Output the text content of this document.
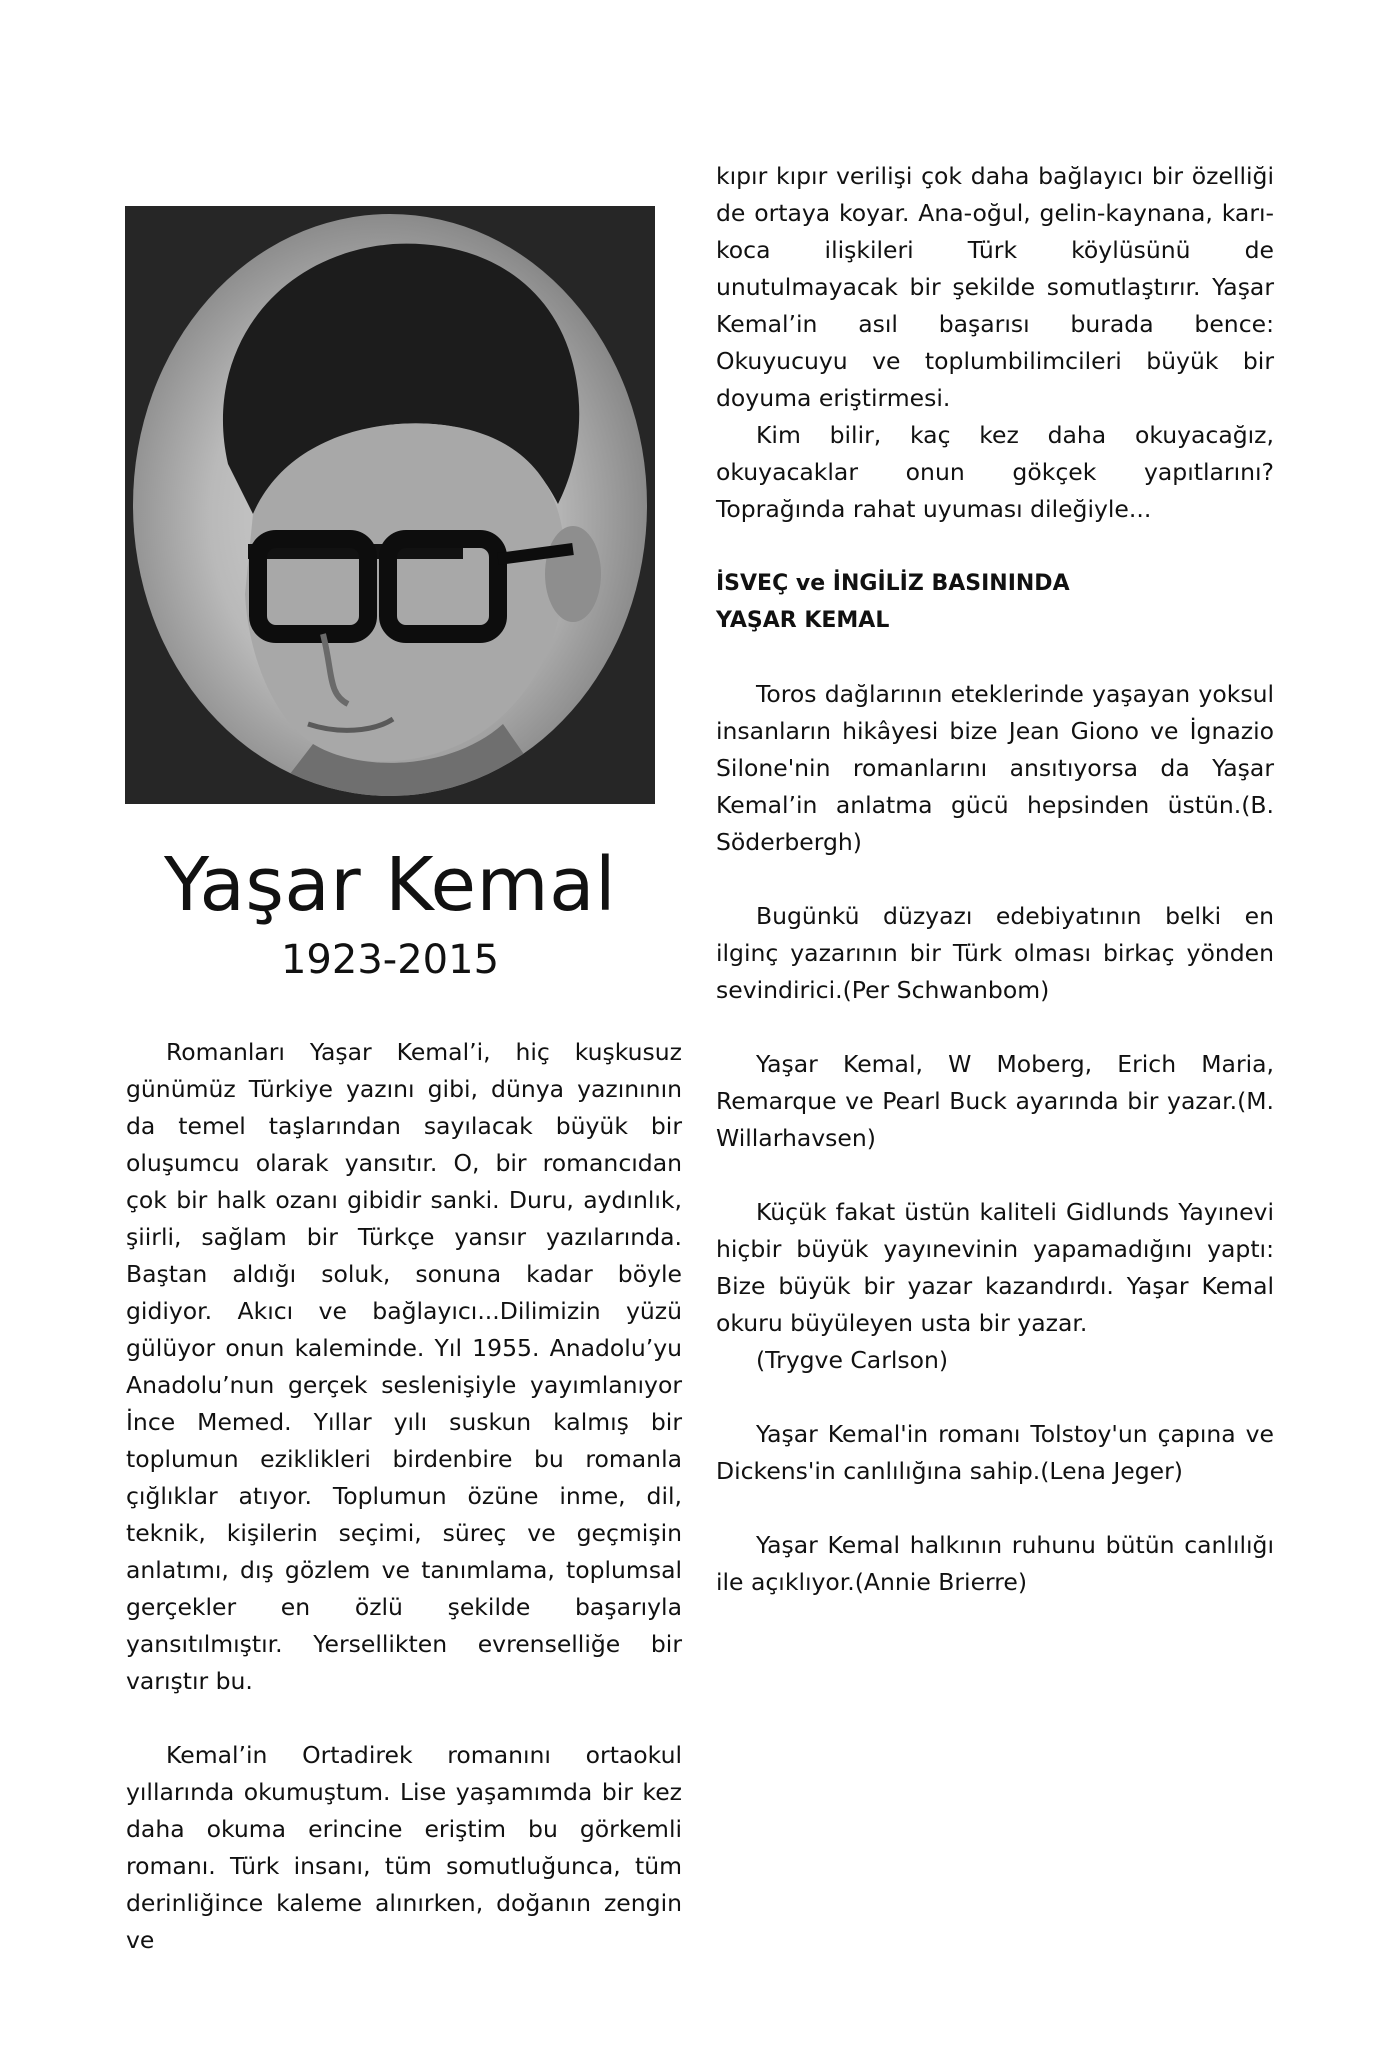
Yaşar Kemal
1923-2015

Romanları Yaşar Kemal’i, hiç kuşkusuz günümüz Türkiye yazını gibi, dünya yazınının da temel taşlarından sayılacak büyük bir oluşumcu olarak yansıtır. O, bir romancıdan çok bir halk ozanı gibidir sanki. Duru, aydınlık, şiirli, sağlam bir Türkçe yansır yazılarında. Baştan aldığı soluk, sonuna kadar böyle gidiyor. Akıcı ve bağlayıcı...Dilimizin yüzü gülüyor onun kaleminde. Yıl 1955. Anadolu’yu Anadolu’nun gerçek seslenişiyle yayımlanıyor İnce Memed. Yıllar yılı suskun kalmış bir toplumun eziklikleri birdenbire bu romanla çığlıklar atıyor. Toplumun özüne inme, dil, teknik, kişilerin seçimi, süreç ve geçmişin anlatımı, dış gözlem ve tanımlama, toplumsal gerçekler en özlü şekilde başarıyla yansıtılmıştır. Yersellikten evrenselliğe bir varıştır bu.

Kemal’in Ortadirek romanını ortaokul yıllarında okumuştum. Lise yaşamımda bir kez daha okuma erincine eriştim bu görkemli romanı. Türk insanı, tüm somutluğunca, tüm derinliğince kaleme alınırken, doğanın zengin ve

kıpır kıpır verilişi çok daha bağlayıcı bir özelliği de ortaya koyar. Ana-oğul, gelin-kaynana, karı-koca ilişkileri Türk köylüsünü de unutulmayacak bir şekilde somutlaştırır. Yaşar Kemal’in asıl başarısı burada bence: Okuyucuyu ve toplumbilimcileri büyük bir doyuma eriştirmesi.

Kim bilir, kaç kez daha okuyacağız, okuyacaklar onun gökçek yapıtlarını? Toprağında rahat uyuması dileğiyle...

İSVEÇ ve İNGİLİZ BASININDA
YAŞAR KEMAL

Toros dağlarının eteklerinde yaşayan yoksul insanların hikâyesi bize Jean Giono ve İgnazio Silone'nin romanlarını ansıtıyorsa da Yaşar Kemal’in anlatma gücü hepsinden üstün.(B. Söderbergh)

Bugünkü düzyazı edebiyatının belki en ilginç yazarının bir Türk olması birkaç yönden sevindirici.(Per Schwanbom)

Yaşar Kemal, W Moberg, Erich Maria, Remarque ve Pearl Buck ayarında bir yazar.(M. Willarhavsen)

Küçük fakat üstün kaliteli Gidlunds Yayınevi hiçbir büyük yayınevinin yapamadığını yaptı: Bize büyük bir yazar kazandırdı. Yaşar Kemal okuru büyüleyen usta bir yazar.

(Trygve Carlson)

Yaşar Kemal'in romanı Tolstoy'un çapına ve Dickens'in canlılığına sahip.(Lena Jeger)

Yaşar Kemal halkının ruhunu bütün canlılığı ile açıklıyor.(Annie Brierre)
